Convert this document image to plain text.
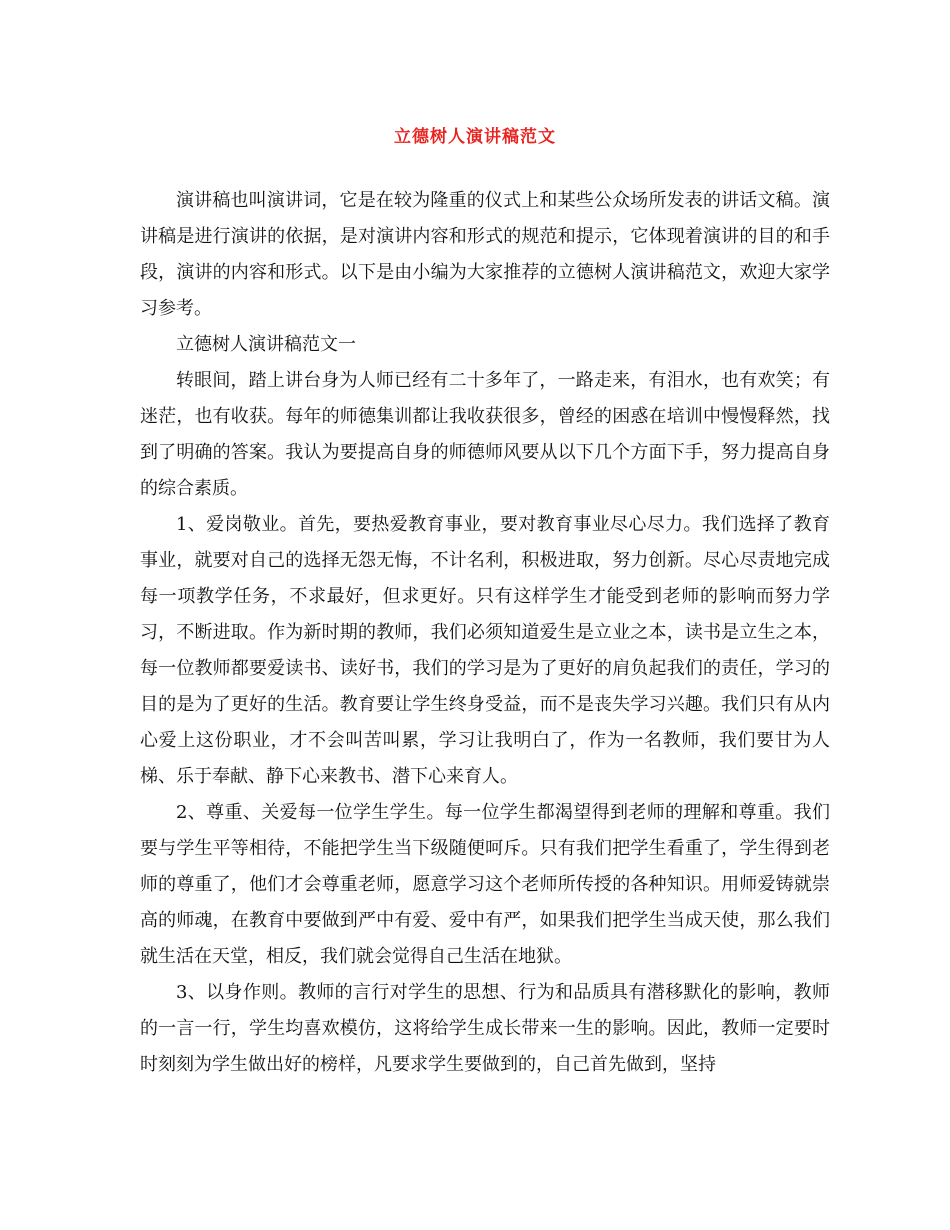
立德树人演讲稿范文

演讲稿也叫演讲词，它是在较为隆重的仪式上和某些公众场所发表的讲话文稿。演讲稿是进行演讲的依据，是对演讲内容和形式的规范和提示，它体现着演讲的目的和手段，演讲的内容和形式。以下是由小编为大家推荐的立德树人演讲稿范文，欢迎大家学习参考。

立德树人演讲稿范文一

转眼间，踏上讲台身为人师已经有二十多年了，一路走来，有泪水，也有欢笑；有迷茫，也有收获。每年的师德集训都让我收获很多，曾经的困惑在培训中慢慢释然，找到了明确的答案。我认为要提高自身的师德师风要从以下几个方面下手，努力提高自身的综合素质。

1、爱岗敬业。首先，要热爱教育事业，要对教育事业尽心尽力。我们选择了教育事业，就要对自己的选择无怨无悔，不计名利，积极进取，努力创新。尽心尽责地完成每一项教学任务，不求最好，但求更好。只有这样学生才能受到老师的影响而努力学习，不断进取。作为新时期的教师，我们必须知道爱生是立业之本，读书是立生之本，每一位教师都要爱读书、读好书，我们的学习是为了更好的肩负起我们的责任，学习的目的是为了更好的生活。教育要让学生终身受益，而不是丧失学习兴趣。我们只有从内心爱上这份职业，才不会叫苦叫累，学习让我明白了，作为一名教师，我们要甘为人梯、乐于奉献、静下心来教书、潜下心来育人。

2、尊重、关爱每一位学生学生。每一位学生都渴望得到老师的理解和尊重。我们要与学生平等相待，不能把学生当下级随便呵斥。只有我们把学生看重了，学生得到老师的尊重了，他们才会尊重老师，愿意学习这个老师所传授的各种知识。用师爱铸就崇高的师魂，在教育中要做到严中有爱、爱中有严，如果我们把学生当成天使，那么我们就生活在天堂，相反，我们就会觉得自己生活在地狱。

3、以身作则。教师的言行对学生的思想、行为和品质具有潜移默化的影响，教师的一言一行，学生均喜欢模仿，这将给学生成长带来一生的影响。因此，教师一定要时时刻刻为学生做出好的榜样，凡要求学生要做到的，自己首先做到，坚持
